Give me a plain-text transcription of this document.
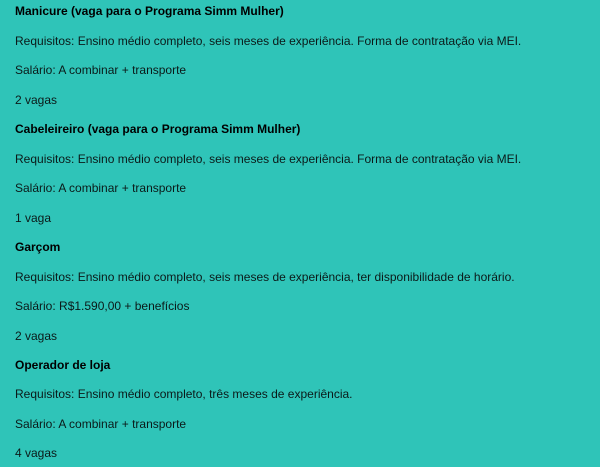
Manicure (vaga para o Programa Simm Mulher)

Requisitos: Ensino médio completo, seis meses de experiência. Forma de contratação via MEI.

Salário: A combinar + transporte

2 vagas

Cabeleireiro (vaga para o Programa Simm Mulher)

Requisitos: Ensino médio completo, seis meses de experiência. Forma de contratação via MEI.

Salário: A combinar + transporte

1 vaga

Garçom

Requisitos: Ensino médio completo, seis meses de experiência, ter disponibilidade de horário.

Salário: R$1.590,00 + benefícios

2 vagas

Operador de loja

Requisitos: Ensino médio completo, três meses de experiência.

Salário: A combinar + transporte

4 vagas
